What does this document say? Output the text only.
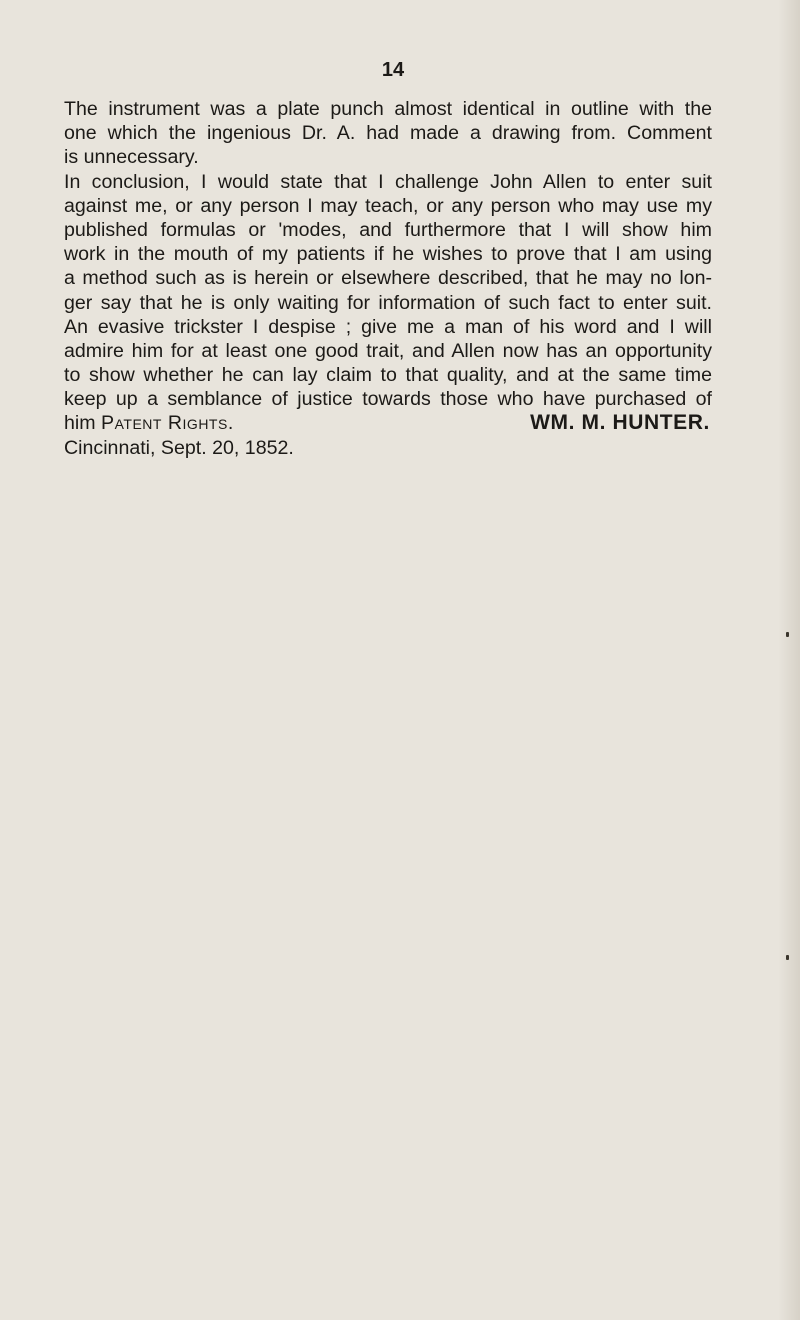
14
The instrument was a plate punch almost identical in outline with the
one which the ingenious Dr. A. had made a drawing from. Comment
is unnecessary.
In conclusion, I would state that I challenge John Allen to enter suit
against me, or any person I may teach, or any person who may use my
published formulas or 'modes, and furthermore that I will show him
work in the mouth of my patients if he wishes to prove that I am using
a method such as is herein or elsewhere described, that he may no lon-
ger say that he is only waiting for information of such fact to enter suit.
An evasive trickster I despise ; give me a man of his word and I will
admire him for at least one good trait, and Allen now has an opportunity
to show whether he can lay claim to that quality, and at the same time
keep up a semblance of justice towards those who have purchased of
him Patent Rights.	WM. M. HUNTER.
Cincinnati, Sept. 20, 1852.
